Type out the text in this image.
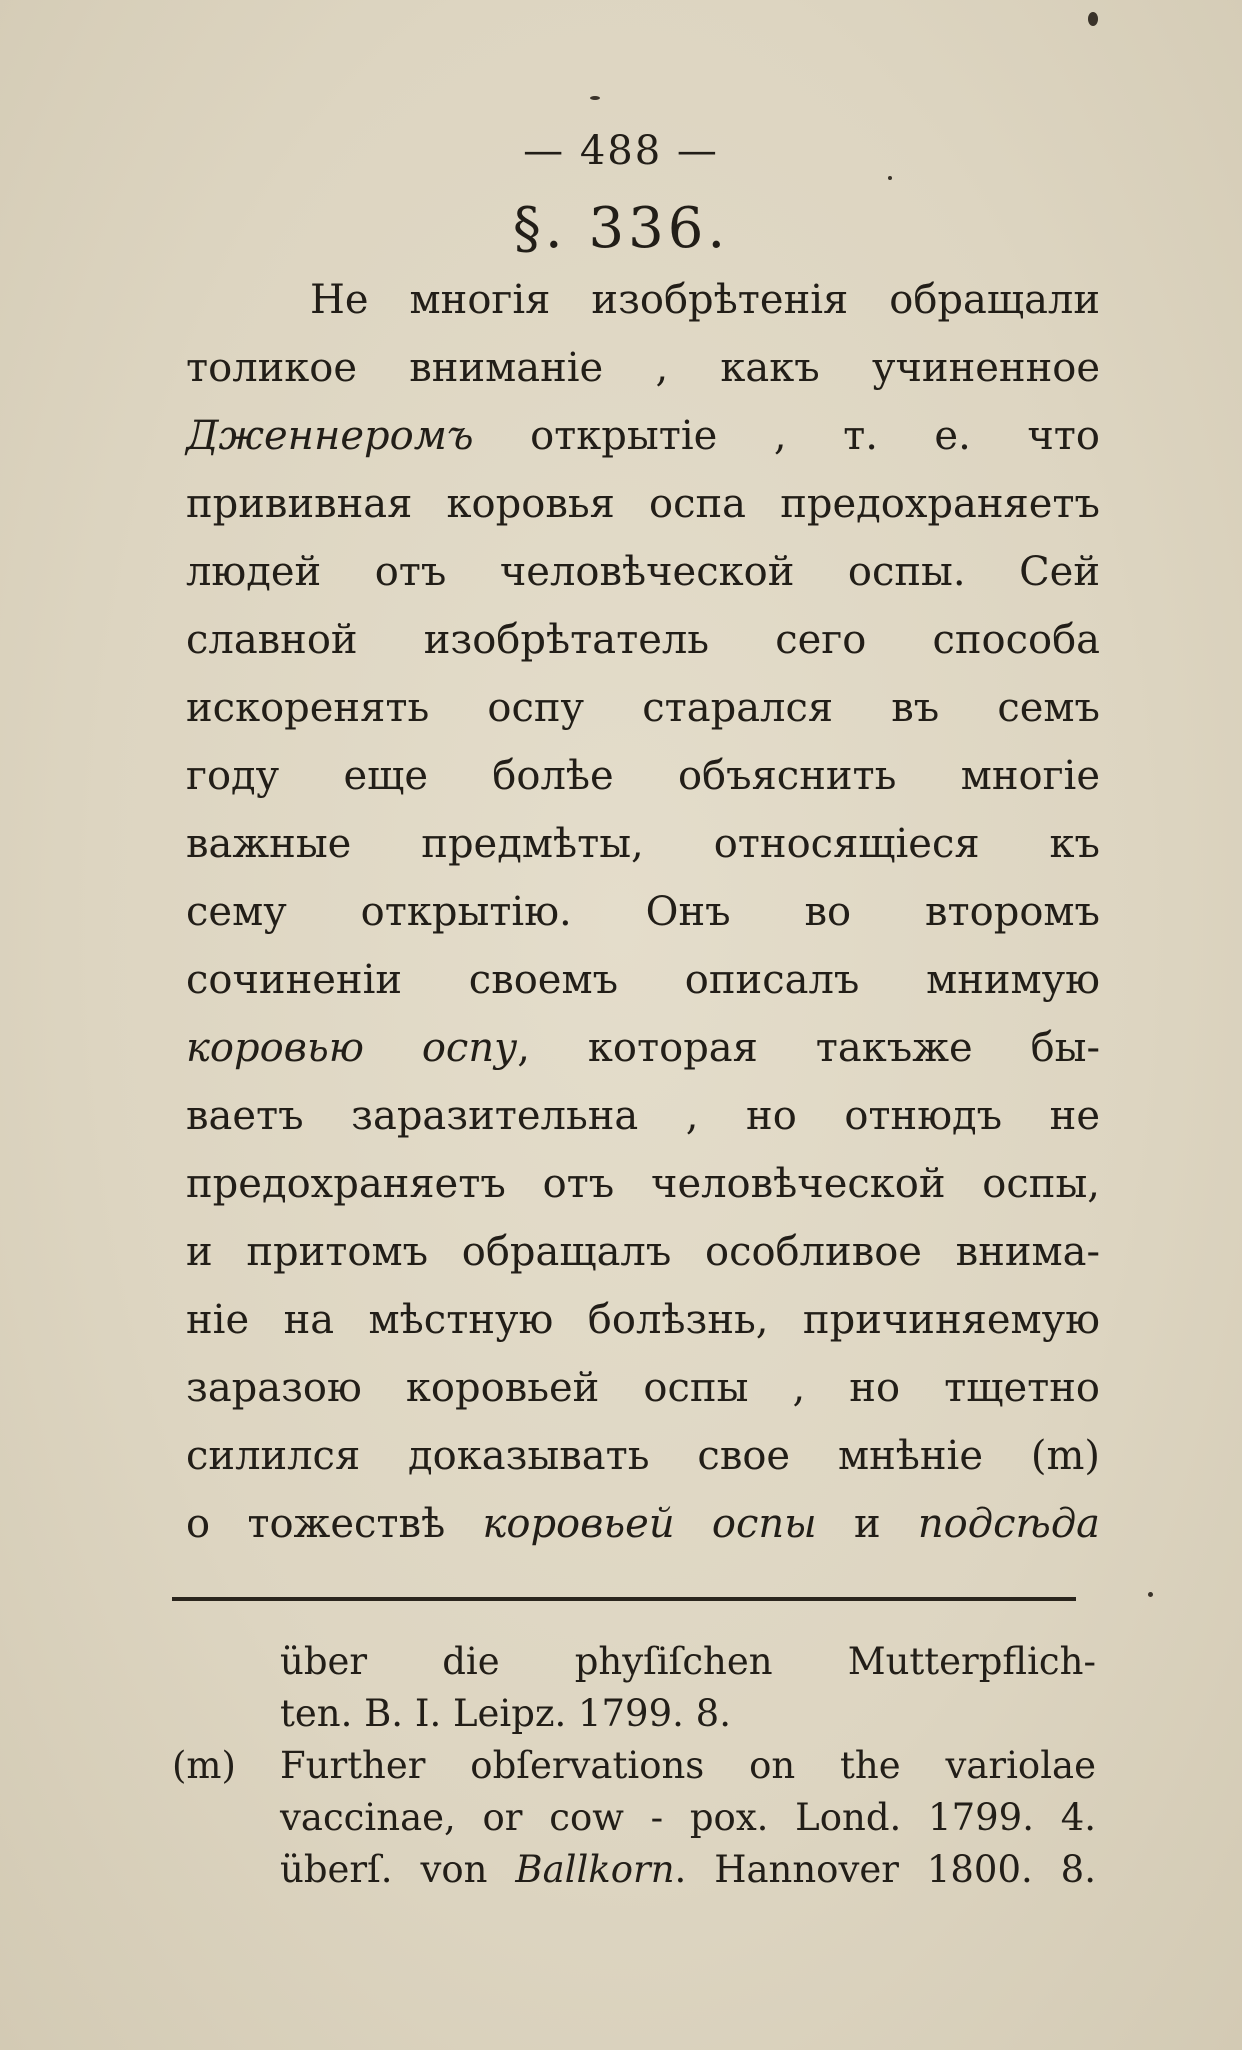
— 488 —
§. 336.
Не многія изобрѣтенія обращали
толикое вниманіе , какъ учиненное
Дженнеромъ открытіе , т. е. что
прививная коровья оспа предохраняетъ
людей отъ человѣческой оспы. Сей
славной изобрѣтатель сего способа
искоренять оспу старался въ семъ
году еще болѣе объяснить многіе
важные предмѣты, относящіеся къ
сему открытію. Онъ во второмъ
сочиненіи своемъ описалъ мнимую
коровью оспу, которая такъже бы-
ваетъ заразительна , но отнюдъ не
предохраняетъ отъ человѣческой оспы,
и притомъ обращалъ особливое внима-
ніе на мѣстную болѣзнь, причиняемую
заразою коровьей оспы , но тщетно
силился доказывать свое мнѣніе (m)
о тожествѣ коровьей оспы и подсѣда
über die phyſiſchen Mutterpflich-
ten. B. I. Leipz. 1799. 8.
(m)	Further obſervations on the variolae
vaccinae, or cow - pox. Lond. 1799. 4.
überſ. von Ballkorn. Hannover 1800. 8.
